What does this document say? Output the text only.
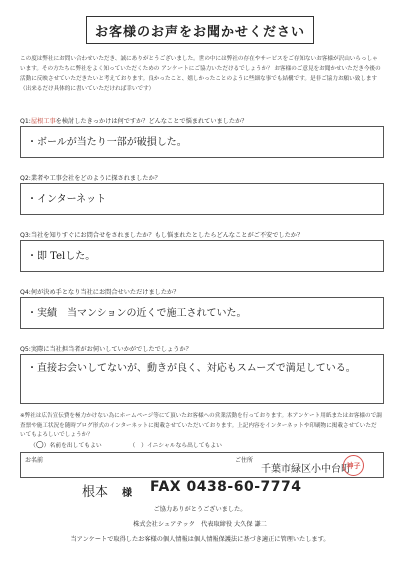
お客様のお声をお聞かせください
この度は弊社にお問い合わせいただき、誠にありがとうございました。世の中には弊社の存在やサービスをご存知ないお客様が沢山いらっしゃいます。その方たちに弊社をよく知っていただくための アンケートにご協力いただけるでしょうか？ お客様のご意見をお聞かせいただき今後の活動に反映させていただきたいと考えております。良かったこと、嬉しかったことのように些細な事でも結構です。是非ご協力お願い致します（出来るだけ具体的に書いていただければ幸いです）
Q1:屋根工事を検討したきっかけは何ですか？どんなことで悩まれていましたか？
・ボールが当たり一部が破損した。
Q2:業者や工事会社をどのように探されましたか？
・インターネット
Q3:当社を知りすぐにお問合せをされましたか？もし悩まれたとしたらどんなことがご不安でしたか？
・即 Telした。
Q4:何が決め手となり当社にお問合せいただけましたか？
・実績　当マンションの近くで施工されていた。
Q5:実際に当社担当者がお伺いしていかがでしたでしょうか？
・直接お会いしてないが、動きが良く、対応もスムーズで満足している。
※弊社は広告宣伝費を極力かけない為にホームページ等にて頂いたお客様への営業活動を行っております。本アンケート用紙またはお客様ので調査票や施工状況を随時ブログ形式のインターネットに掲載させていただいております。上記内容をインターネットや印刷物に掲載させていただいてもよろしいでしょうか？
（○）名前を出してもよい	（　）イニシャルなら出してもよい
お名前	ご住所
千葉市緑区小中台町
神子
根本 様 FAX 0438-60-7774
ご協力ありがとうございました。
株式会社シェアテック　代表取締役 大久保 謙二
当アンケートで取得したお客様の個人情報は個人情報保護法に基づき適正に管理いたします。
